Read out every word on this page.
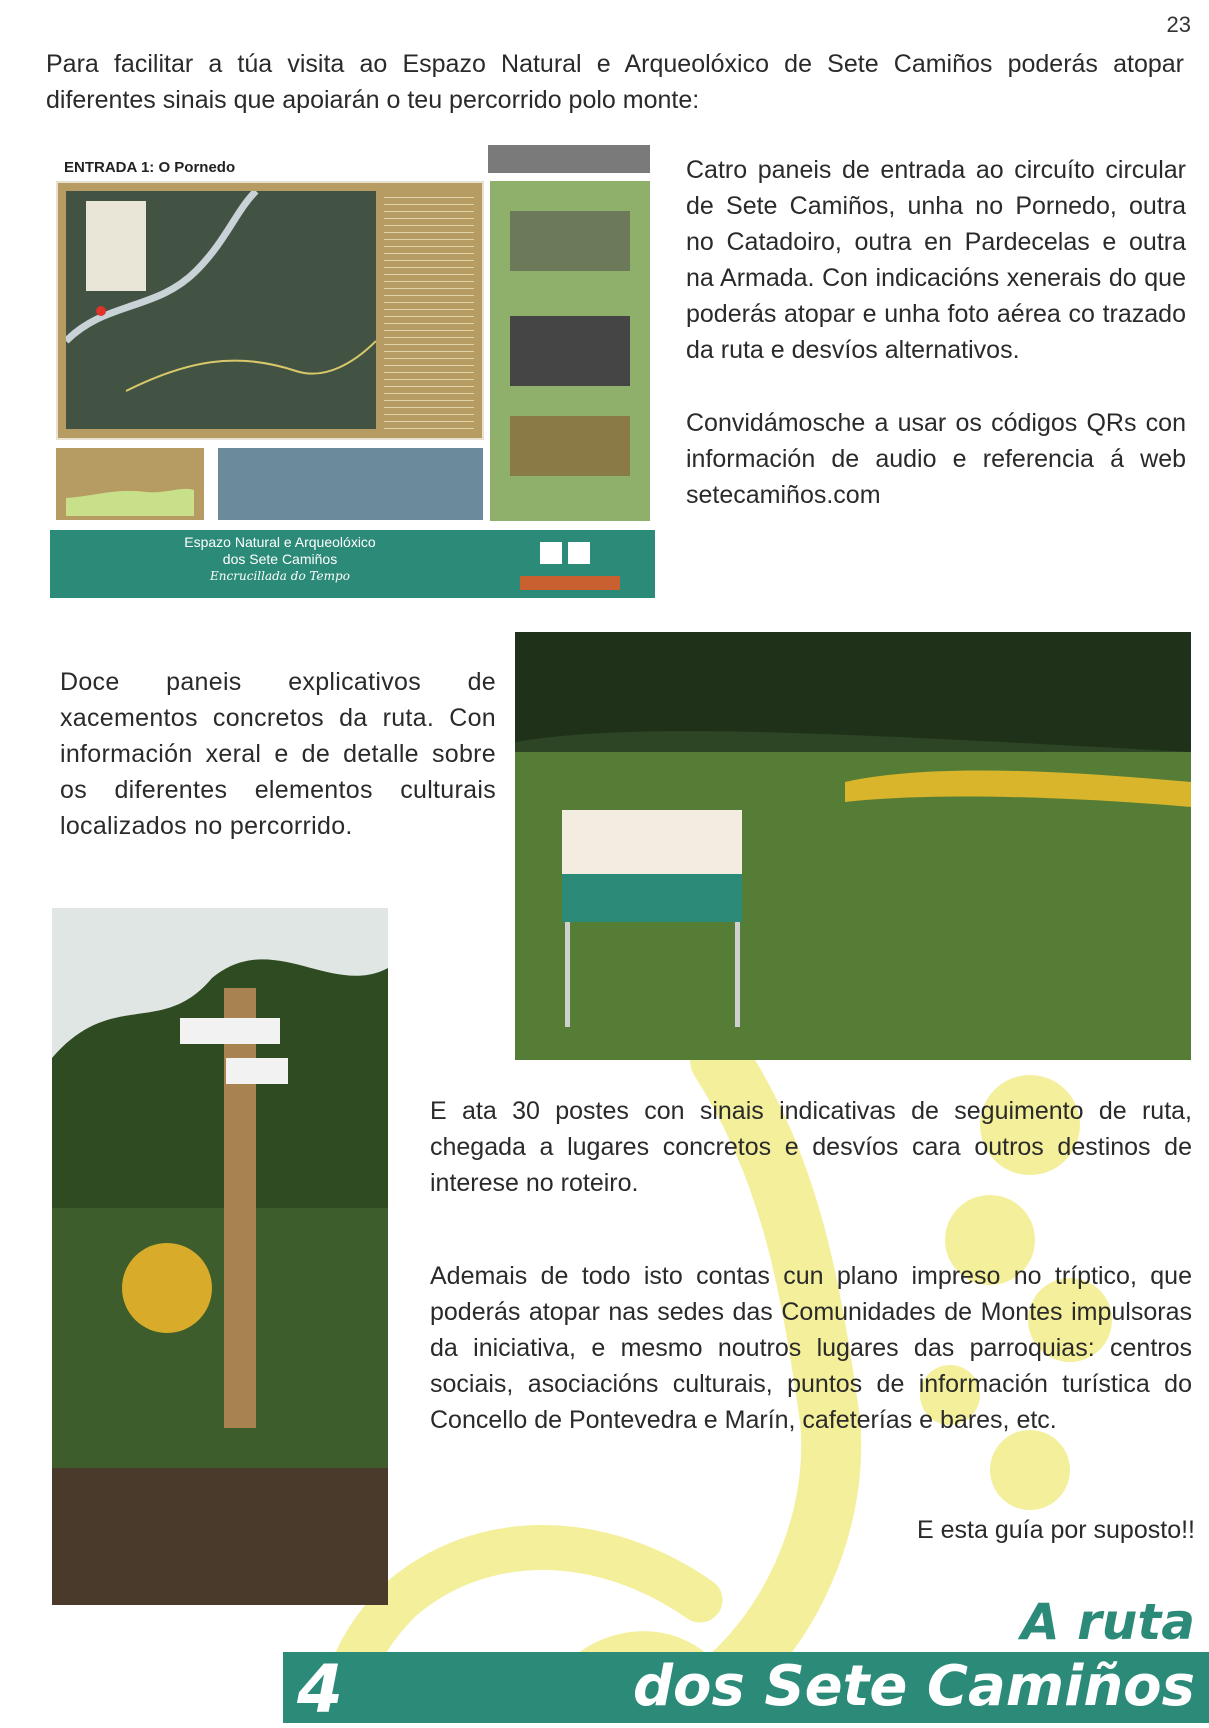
23
Para facilitar a túa visita ao Espazo Natural e Arqueolóxico de Sete Camiños poderás atopar diferentes sinais que apoiarán o teu percorrido polo monte:
ENTRADA 1: O Pornedo
Espazo Natural e Arqueolóxico
dos Sete Camiños
Encrucillada do Tempo
Catro paneis de entrada ao circuíto circular de Sete Camiños, unha no Pornedo, outra no Catadoiro, outra en Pardecelas e outra na Armada. Con indicacións xenerais do que poderás atopar e unha foto aérea co trazado da ruta e desvíos alternativos.
Convidámosche a usar os códigos QRs con información de audio e referencia á web setecamiños.com
Doce paneis explicativos de xacementos concretos da ruta. Con información xeral e de detalle sobre os diferentes elementos culturais localizados no percorrido.
E ata 30 postes con sinais indicativas de seguimento de ruta, chegada a lugares concretos e desvíos cara outros destinos de interese no roteiro.
Ademais de todo isto contas cun plano impreso no tríptico, que poderás atopar nas sedes das Comunidades de Montes impulsoras da iniciativa, e mesmo noutros lugares das parroquias: centros sociais, asociacións culturais, puntos de información turística do Concello de Pontevedra e Marín, cafeterías e bares, etc.
E esta guía por suposto!!
4
A ruta
dos Sete Camiños
